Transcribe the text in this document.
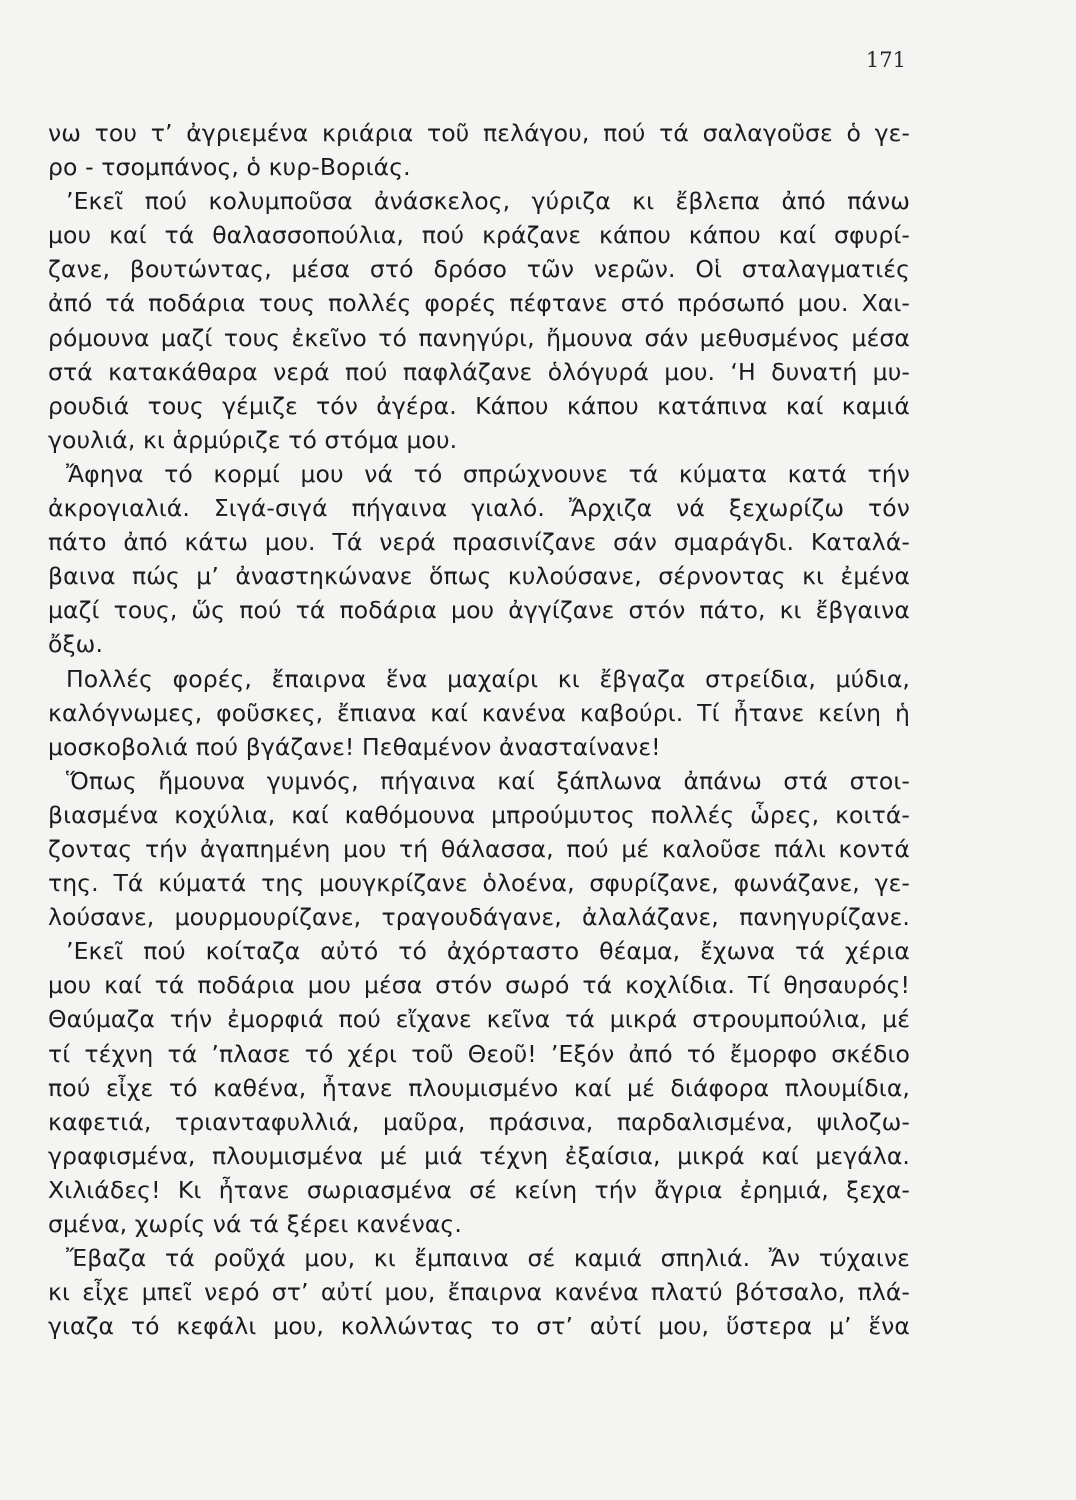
171
νω του τ’ ἀγριεμένα κριάρια τοῦ πελάγου, πού τά σαλαγοῦσε ὁ γε-
ρο - τσομπάνος, ὁ κυρ-Βοριάς.
’Εκεῖ πού κολυμποῦσα ἀνάσκελος, γύριζα κι ἔβλεπα ἀπό πάνω
μου καί τά θαλασσοπούλια, πού κράζανε κάπου κάπου καί σφυρί-
ζανε, βουτώντας, μέσα στό δρόσο τῶν νερῶν. Οἱ σταλαγματιές
ἀπό τά ποδάρια τους πολλές φορές πέφτανε στό πρόσωπό μου. Χαι-
ρόμουνα μαζί τους ἐκεῖνο τό πανηγύρι, ἤμουνα σάν μεθυσμένος μέσα
στά κατακάθαρα νερά πού παφλάζανε ὁλόγυρά μου. ‘Η δυνατή μυ-
ρουδιά τους γέμιζε τόν ἀγέρα. Κάπου κάπου κατάπινα καί καμιά
γουλιά, κι ἁρμύριζε τό στόμα μου.
Ἄφηνα τό κορμί μου νά τό σπρώχνουνε τά κύματα κατά τήν
ἀκρογιαλιά. Σιγά-σιγά πήγαινα γιαλό. Ἄρχιζα νά ξεχωρίζω τόν
πάτο ἀπό κάτω μου. Τά νερά πρασινίζανε σάν σμαράγδι. Καταλά-
βαινα πώς μ’ ἀναστηκώνανε ὅπως κυλούσανε, σέρνοντας κι ἐμένα
μαζί τους, ὥς πού τά ποδάρια μου ἀγγίζανε στόν πάτο, κι ἔβγαινα
ὄξω.
Πολλές φορές, ἔπαιρνα ἕνα μαχαίρι κι ἔβγαζα στρείδια, μύδια,
καλόγνωμες, φοῦσκες, ἔπιανα καί κανένα καβούρι. Τί ἦτανε κείνη ἡ
μοσκοβολιά πού βγάζανε! Πεθαμένον ἀνασταίνανε!
Ὅπως ἤμουνα γυμνός, πήγαινα καί ξάπλωνα ἀπάνω στά στοι-
βιασμένα κοχύλια, καί καθόμουνα μπρούμυτος πολλές ὧρες, κοιτά-
ζοντας τήν ἀγαπημένη μου τή θάλασσα, πού μέ καλοῦσε πάλι κοντά
της. Τά κύματά της μουγκρίζανε ὁλοένα, σφυρίζανε, φωνάζανε, γε-
λούσανε, μουρμουρίζανε, τραγουδάγανε, ἀλαλάζανε, πανηγυρίζανε.
’Εκεῖ πού κοίταζα αὐτό τό ἀχόρταστο θέαμα, ἔχωνα τά χέρια
μου καί τά ποδάρια μου μέσα στόν σωρό τά κοχλίδια. Τί θησαυρός!
Θαύμαζα τήν ἐμορφιά πού εἴχανε κεῖνα τά μικρά στρουμπούλια, μέ
τί τέχνη τά ’πλασε τό χέρι τοῦ Θεοῦ! ’Εξόν ἀπό τό ἔμορφο σκέδιο
πού εἶχε τό καθένα, ἦτανε πλουμισμένο καί μέ διάφορα πλουμίδια,
καφετιά, τριανταφυλλιά, μαῦρα, πράσινα, παρδαλισμένα, ψιλοζω-
γραφισμένα, πλουμισμένα μέ μιά τέχνη ἐξαίσια, μικρά καί μεγάλα.
Χιλιάδες! Κι ἦτανε σωριασμένα σέ κείνη τήν ἄγρια ἐρημιά, ξεχα-
σμένα, χωρίς νά τά ξέρει κανένας.
Ἔβαζα τά ροῦχά μου, κι ἔμπαινα σέ καμιά σπηλιά. Ἄν τύχαινε
κι εἶχε μπεῖ νερό στ’ αὐτί μου, ἔπαιρνα κανένα πλατύ βότσαλο, πλά-
γιαζα τό κεφάλι μου, κολλώντας το στ’ αὐτί μου, ὕστερα μ’ ἕνα
